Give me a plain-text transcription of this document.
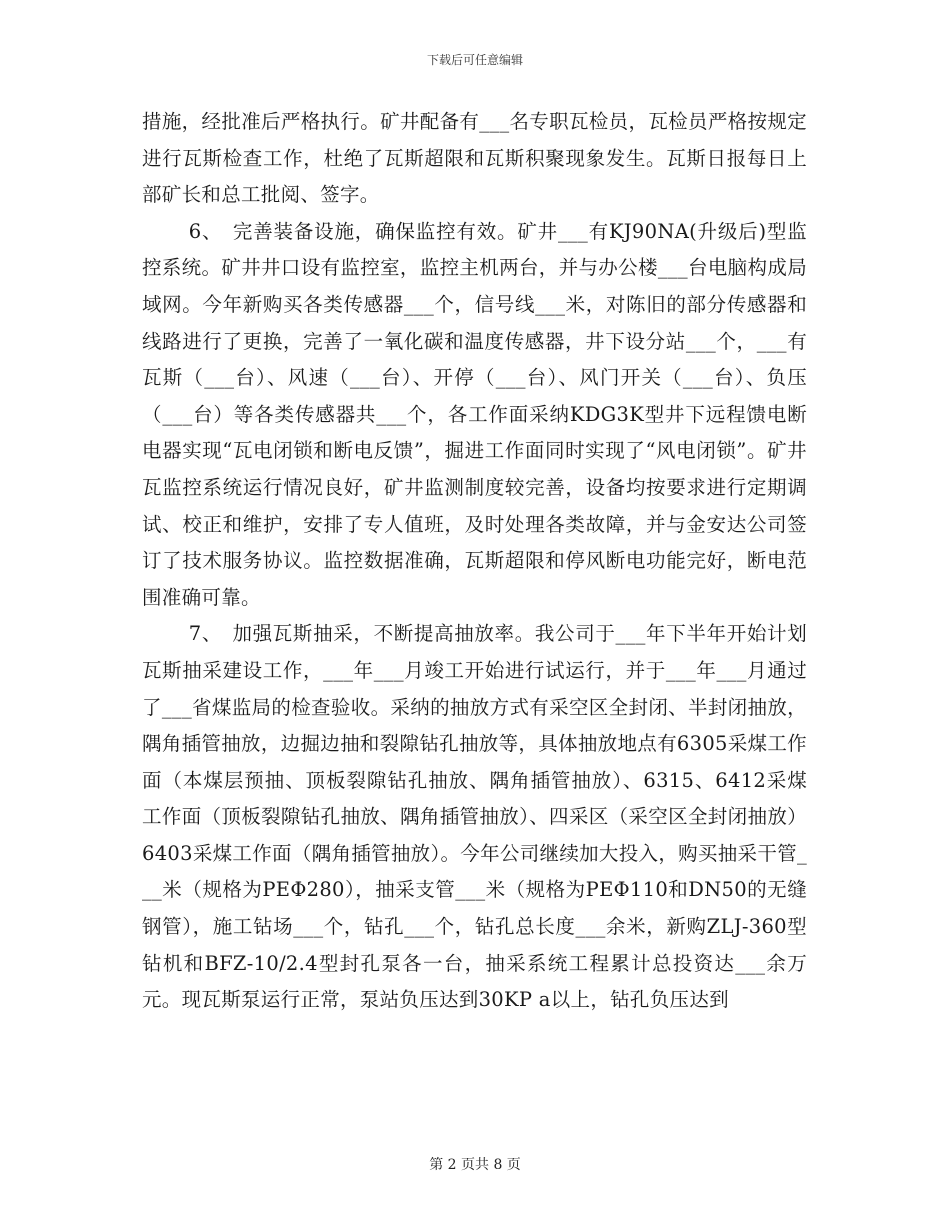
下载后可任意编辑

措施，经批准后严格执行。矿井配备有___名专职瓦检员，瓦检员严格按规定进行瓦斯检查工作，杜绝了瓦斯超限和瓦斯积聚现象发生。瓦斯日报每日上部矿长和总工批阅、签字。

6、　完善装备设施，确保监控有效。矿井___有KJ90NA(升级后)型监控系统。矿井井口设有监控室，监控主机两台，并与办公楼___台电脑构成局域网。今年新购买各类传感器___个，信号线___米，对陈旧的部分传感器和线路进行了更换，完善了一氧化碳和温度传感器，井下设分站___个，___有瓦斯（___台）、风速（___台）、开停（___台）、风门开关（___台）、负压（___台）等各类传感器共___个，各工作面采纳KDG3K型井下远程馈电断电器实现“瓦电闭锁和断电反馈”，掘进工作面同时实现了“风电闭锁”。矿井瓦监控系统运行情况良好，矿井监测制度较完善，设备均按要求进行定期调试、校正和维护，安排了专人值班，及时处理各类故障，并与金安达公司签订了技术服务协议。监控数据准确，瓦斯超限和停风断电功能完好，断电范围准确可靠。

7、　加强瓦斯抽采，不断提高抽放率。我公司于___年下半年开始计划瓦斯抽采建设工作，___年___月竣工开始进行试运行，并于___年___月通过了___省煤监局的检查验收。采纳的抽放方式有采空区全封闭、半封闭抽放，隅角插管抽放，边掘边抽和裂隙钻孔抽放等，具体抽放地点有6305采煤工作面（本煤层预抽、顶板裂隙钻孔抽放、隅角插管抽放）、6315、6412采煤工作面（顶板裂隙钻孔抽放、隅角插管抽放）、四采区（采空区全封闭抽放）6403采煤工作面（隅角插管抽放）。今年公司继续加大投入，购买抽采干管___米（规格为PEΦ280），抽采支管___米（规格为PEΦ110和DN50的无缝钢管），施工钻场___个，钻孔___个，钻孔总长度___余米，新购ZLJ-360型钻机和BFZ-10/2.4型封孔泵各一台，抽采系统工程累计总投资达___余万元。现瓦斯泵运行正常，泵站负压达到30KP a以上，钻孔负压达到

第 2 页共 8 页
